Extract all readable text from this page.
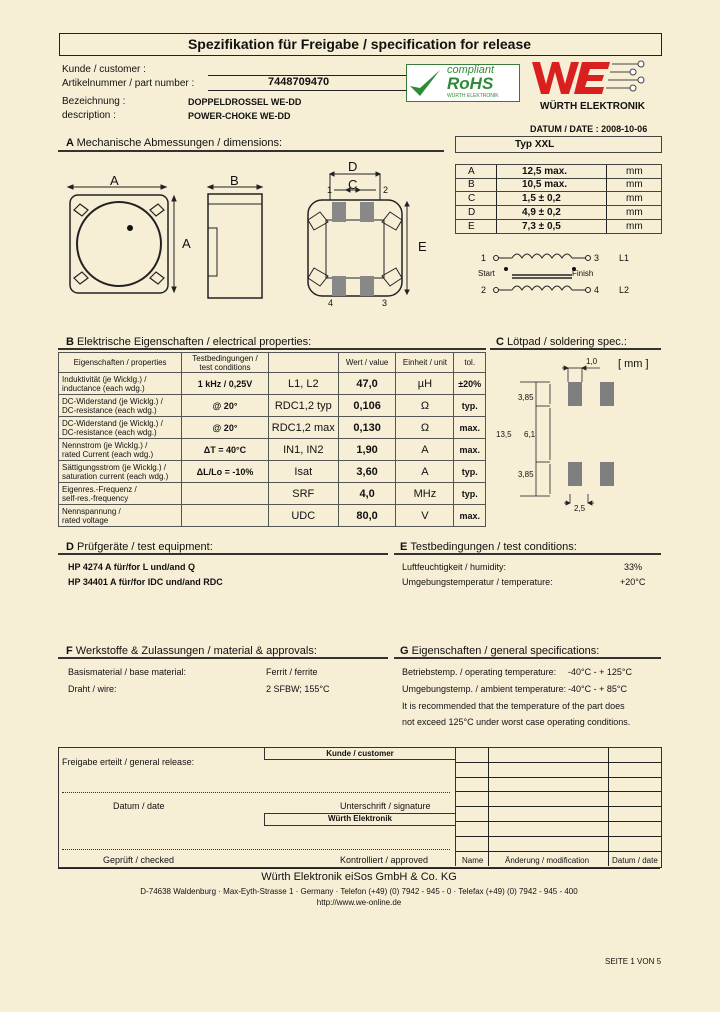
Spezifikation für Freigabe / specification for release
Kunde / customer :
Artikelnummer / part number :	7448709470
Bezeichnung :	DOPPELDROSSEL WE-DD
description :	POWER-CHOKE WE-DD
compliant
RoHS
WÜRTH ELEKTRONIK
WÜRTH ELEKTRONIK
DATUM / DATE : 2008-10-06
A Mechanische Abmessungen / dimensions:	Typ XXL
A	12,5 max.	mm
B	10,5 max.	mm
C	1,5 ± 0,2	mm
D	4,9 ± 0,2	mm
E	7,3 ± 0,5	mm
A
A
B
D
C
1	2
4	3
E
1	3 L1
Start	Finish
2	4 L2
B Elektrische Eigenschaften / electrical properties:
Eigenschaften / properties	Testbedingungen / test conditions		Wert / value	Einheit / unit	tol.

Induktivität (je Wicklg.) /
inductance (each wdg.)	1 kHz / 0,25V	L1, L2	47,0	µH	±20%

DC-Widerstand (je Wicklg.) /
DC-resistance (each wdg.)	@ 20°	RDC1,2 typ	0,106	Ω	typ.

DC-Widerstand (je Wicklg.) /
DC-resistance (each wdg.)	@ 20°	RDC1,2 max	0,130	Ω	max.

Nennstrom (je Wicklg.) /
rated Current (each wdg.)	ΔT = 40°C	IN1, IN2	1,90	A	max.

Sättigungsstrom (je Wicklg.) /
saturation current (each wdg.)	ΔL/Lo = -10%	Isat	3,60	A	typ.

Eigenres.-Frequenz /
self-res.-frequency		SRF	4,0	MHz	typ.

Nennspannung /
rated voltage		UDC	80,0	V	max.
C Lötpad / soldering spec.:
[ mm ]
1,0
3,85
13,5 6,1
3,85
2,5
D Prüfgeräte / test equipment:
HP 4274 A für/for L und/and Q
HP 34401 A für/for IDC und/and RDC
E Testbedingungen / test conditions:
Luftfeuchtigkeit / humidity:	33%
Umgebungstemperatur / temperature:	+20°C
F Werkstoffe & Zulassungen / material & approvals:
Basismaterial / base material:	Ferrit / ferrite
Draht / wire:	2 SFBW; 155°C
G Eigenschaften / general specifications:
Betriebstemp. / operating temperature: -40°C - + 125°C
Umgebungstemp. / ambient temperature: -40°C - + 85°C
It is recommended that the temperature of the part does
not exceed 125°C under worst case operating conditions.
Kunde / customer
Freigabe erteilt / general release:
Datum / date	Unterschrift / signature
Würth Elektronik
Geprüft / checked	Kontrolliert / approved	Name	Änderung / modification	Datum / date
Würth Elektronik eiSos GmbH & Co. KG
D-74638 Waldenburg · Max-Eyth-Strasse 1 · Germany · Telefon (+49) (0) 7942 - 945 - 0 · Telefax (+49) (0) 7942 - 945 - 400
http://www.we-online.de
SEITE 1 VON 5
